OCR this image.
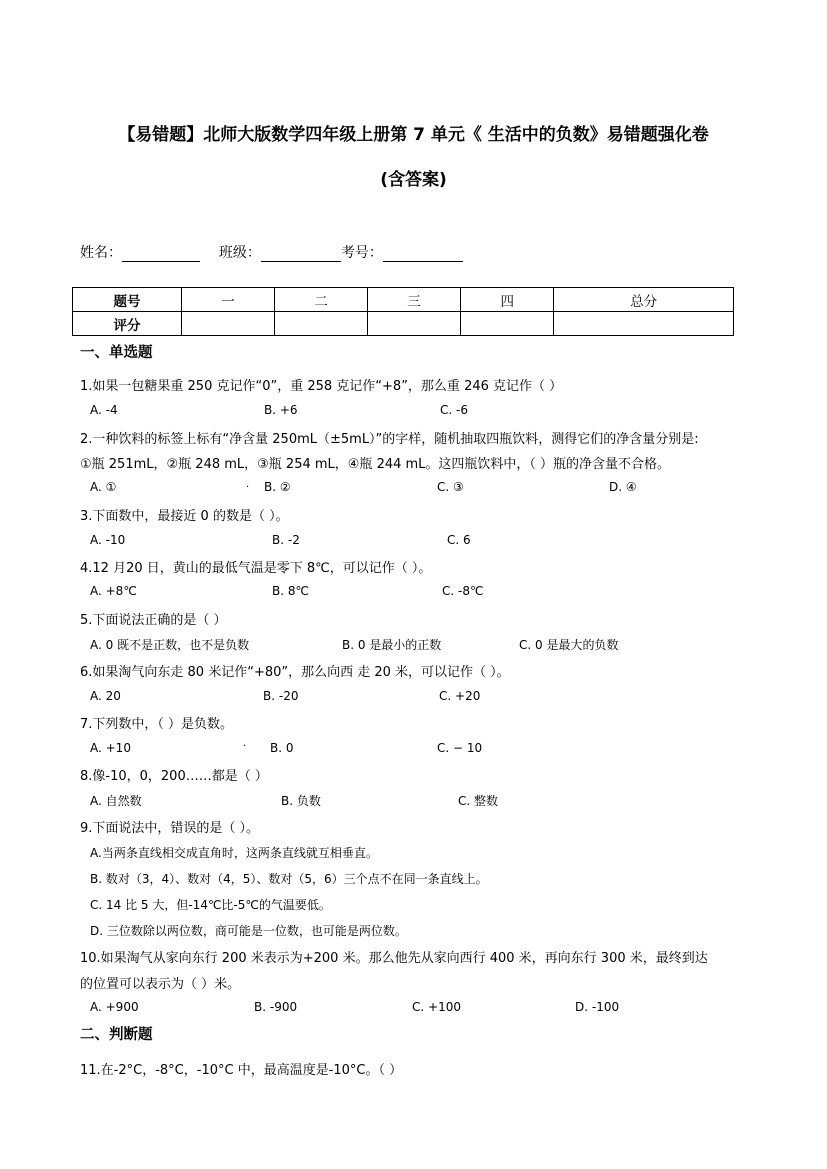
【易错题】北师大版数学四年级上册第 7 单元《 生活中的负数》易错题强化卷
(含答案)
姓名：	班级：	考号：
题号	一	二	三	四	总分
评分					
一、单选题
1.如果一包糖果重 250 克记作“0”，重 258 克记作“+8”，那么重 246 克记作（ ）
A. -4	B. +6	C. -6
2.一种饮料的标签上标有“净含量 250mL（±5mL）”的字样，随机抽取四瓶饮料，测得它们的净含量分别是:
①瓶 251mL，②瓶 248 mL，③瓶 254 mL，④瓶 244 mL。这四瓶饮料中，（ ）瓶的净含量不合格。
A. ①	· B. ②	C. ③	D. ④
3.下面数中，最接近 0 的数是（ ）。
A. -10	B. -2	C. 6
4.12 月20 日，黄山的最低气温是零下 8℃，可以记作（ ）。
A. +8℃	B. 8℃	C. -8℃
5.下面说法正确的是（ ）
A. 0 既不是正数，也不是负数	B. 0 是最小的正数	C. 0 是最大的负数
6.如果淘气向东走 80 米记作“+80”，那么向西 走 20 米，可以记作（ ）。
A. 20	B. -20	C. +20
7.下列数中，（ ）是负数。
A. +10	· B. 0	C. − 10
8.像-10，0，200……都是（ ）
A. 自然数	B. 负数	C. 整数
9.下面说法中，错误的是（ ）。
A.当两条直线相交成直角时，这两条直线就互相垂直。
B. 数对（3，4）、数对（4，5）、数对（5，6）三个点不在同一条直线上。
C. 14 比 5 大，但-14℃比-5℃的气温要低。
D. 三位数除以两位数，商可能是一位数，也可能是两位数。
10.如果淘气从家向东行 200 米表示为+200 米。那么他先从家向西行 400 米，再向东行 300 米，最终到达
的位置可以表示为（ ）米。
A. +900	B. -900	C. +100	D. -100
二、判断题
11.在-2°C，-8°C，-10°C 中，最高温度是-10°C。（ ）
